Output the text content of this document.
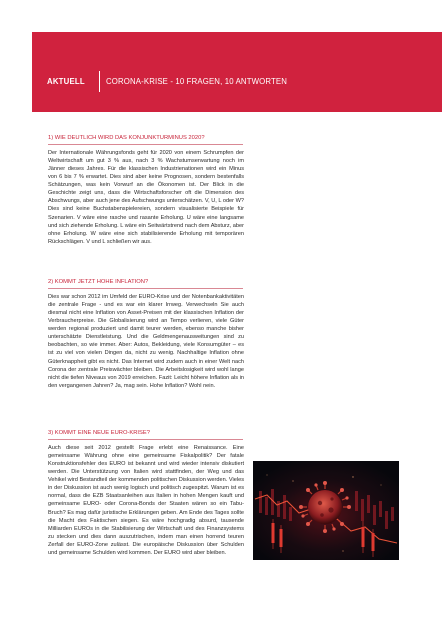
AKTUELL	CORONA-KRISE - 10 FRAGEN, 10 ANTWORTEN

1) WIE DEUTLICH WIRD DAS KONJUNKTURMINUS 2020?

Der Internationale Währungsfonds geht für 2020 von einem Schrumpfen der Weltwirtschaft um gut 3 % aus, nach 3 % Wachstumserwartung noch im Jänner dieses Jahres. Für die klassischen Industrienationen wird ein Minus von 6 bis 7 % erwartet. Dies sind aber keine Prognosen, sondern bestenfalls Schätzungen, was kein Vorwurf an die Ökonomen ist. Der Blick in die Geschichte zeigt uns, dass die Wirtschaftsforscher oft die Dimension des Abschwungs, aber auch jene des Aufschwungs unterschätzen. V, U, L oder W? Dies sind keine Buchstabenspielereien, sondern visualisierte Beispiele für Szenarien. V wäre eine rasche und rasante Erholung. U wäre eine langsame und sich ziehende Erholung. L wäre ein Seitwärtstrend nach dem Absturz, aber ohne Erholung. W wäre eine sich stabilisierende Erholung mit temporären Rückschlägen. V und L schließen wir aus.

2) KOMMT JETZT HOHE INFLATION?

Dies war schon 2012 im Umfeld der EURO-Krise und der Notenbankaktivitäten die zentrale Frage - und es war ein klarer Irrweg. Verwechseln Sie auch diesmal nicht eine Inflation von Asset-Preisen mit der klassischen Inflation der Verbraucherpreise. Die Globalisierung wird an Tempo verlieren, viele Güter werden regional produziert und damit teurer werden, ebenso manche bisher unterschätzte Dienstleistung. Und die Geldmengenausweitungen sind zu beobachten, so wie immer. Aber: Autos, Bekleidung, viele Konsumgüter – es ist zu viel von vielen Dingen da, nicht zu wenig. Nachhaltige Inflation ohne Güterknappheit gibt es nicht. Das Internet wird zudem auch in einer Welt nach Corona der zentrale Preiswächter bleiben. Die Arbeitslosigkeit wird wohl lange nicht die tiefen Niveaus von 2019 erreichen. Fazit: Leicht höhere Inflation als in den vergangenen Jahren? Ja, mag sein. Hohe Inflation? Wohl nein.

3) KOMMT EINE NEUE EURO-KRISE?

Auch diese seit 2012 gestellt Frage erlebt eine Renaissance. Eine gemeinsame Währung ohne eine gemeinsame Fiskalpolitik? Der fatale Konstruktionsfehler des EURO ist bekannt und wird wieder intensiv diskutiert werden. Die Unterstützung von Italien wird stattfinden, der Weg und das Vehikel wird Bestandteil der kommenden politischen Diskussion werden. Vieles in der Diskussion ist auch wenig logisch und politisch zugespitzt. Warum ist es normal, dass die EZB Staatsanleihen aus Italien in hohen Mengen kauft und gemeinsame EURO- oder Corona-Bonds der Staaten wären so ein Tabu-Bruch? Es mag dafür juristische Erklärungen geben. Am Ende des Tages sollte die Macht des Faktischen siegen. Es wäre hochgradig absurd, tausende Milliarden EUROs in die Stabilisierung der Wirtschaft und des Finanzsystems zu stecken und dies dann auszutrischen, indem man einen horrend teuren Zerfall der EURO-Zone zulässt. Die europäische Diskussion über Schulden und gemeinsame Schulden wird kommen. Der EURO wird aber bleiben.
